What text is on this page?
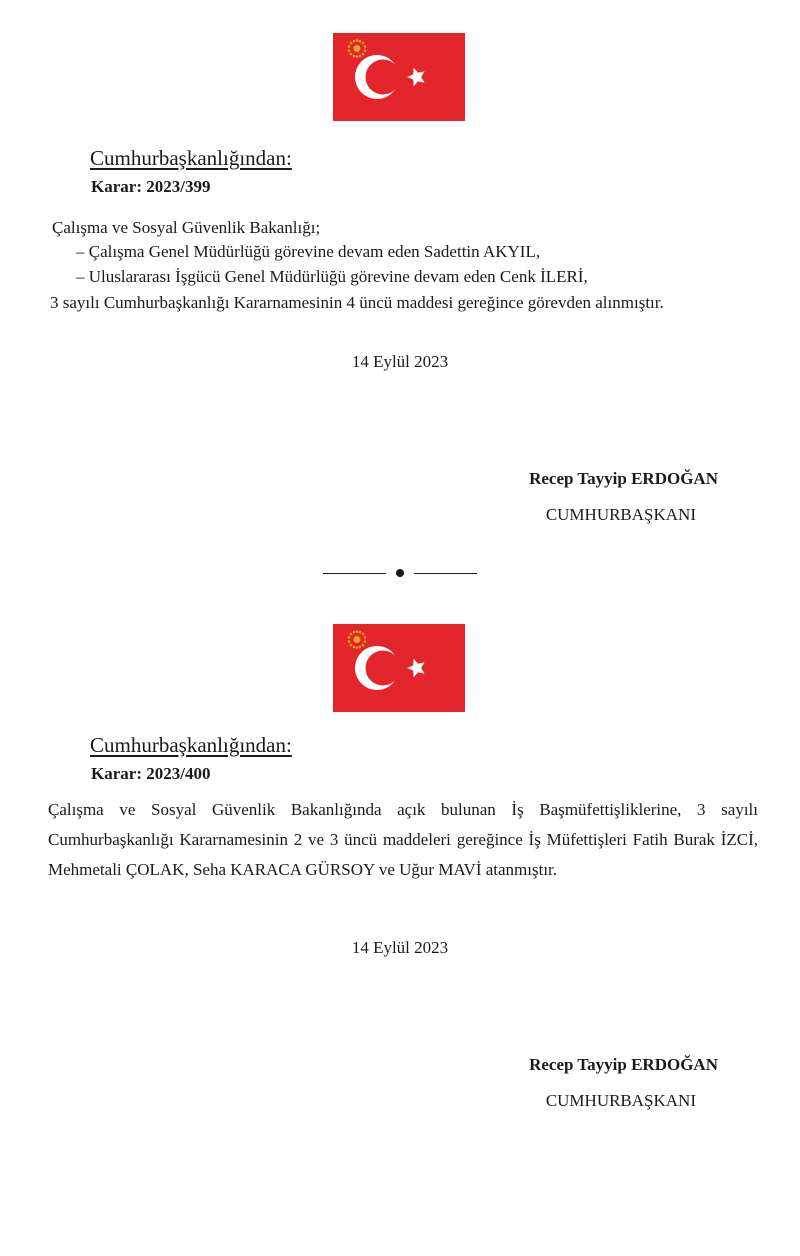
Cumhurbaşkanlığından:
Karar: 2023/399
Çalışma ve Sosyal Güvenlik Bakanlığı;
– Çalışma Genel Müdürlüğü görevine devam eden Sadettin AKYIL,
– Uluslararası İşgücü Genel Müdürlüğü görevine devam eden Cenk İLERİ,
3 sayılı Cumhurbaşkanlığı Kararnamesinin 4 üncü maddesi gereğince görevden alınmıştır.
14 Eylül 2023
Recep Tayyip ERDOĞAN
CUMHURBAŞKANI
Cumhurbaşkanlığından:
Karar: 2023/400
Çalışma ve Sosyal Güvenlik Bakanlığında açık bulunan İş Başmüfettişliklerine, 3 sayılı Cumhurbaşkanlığı Kararnamesinin 2 ve 3 üncü maddeleri gereğince İş Müfettişleri Fatih Burak İZCİ, Mehmetali ÇOLAK, Seha KARACA GÜRSOY ve Uğur MAVİ atanmıştır.
14 Eylül 2023
Recep Tayyip ERDOĞAN
CUMHURBAŞKANI
